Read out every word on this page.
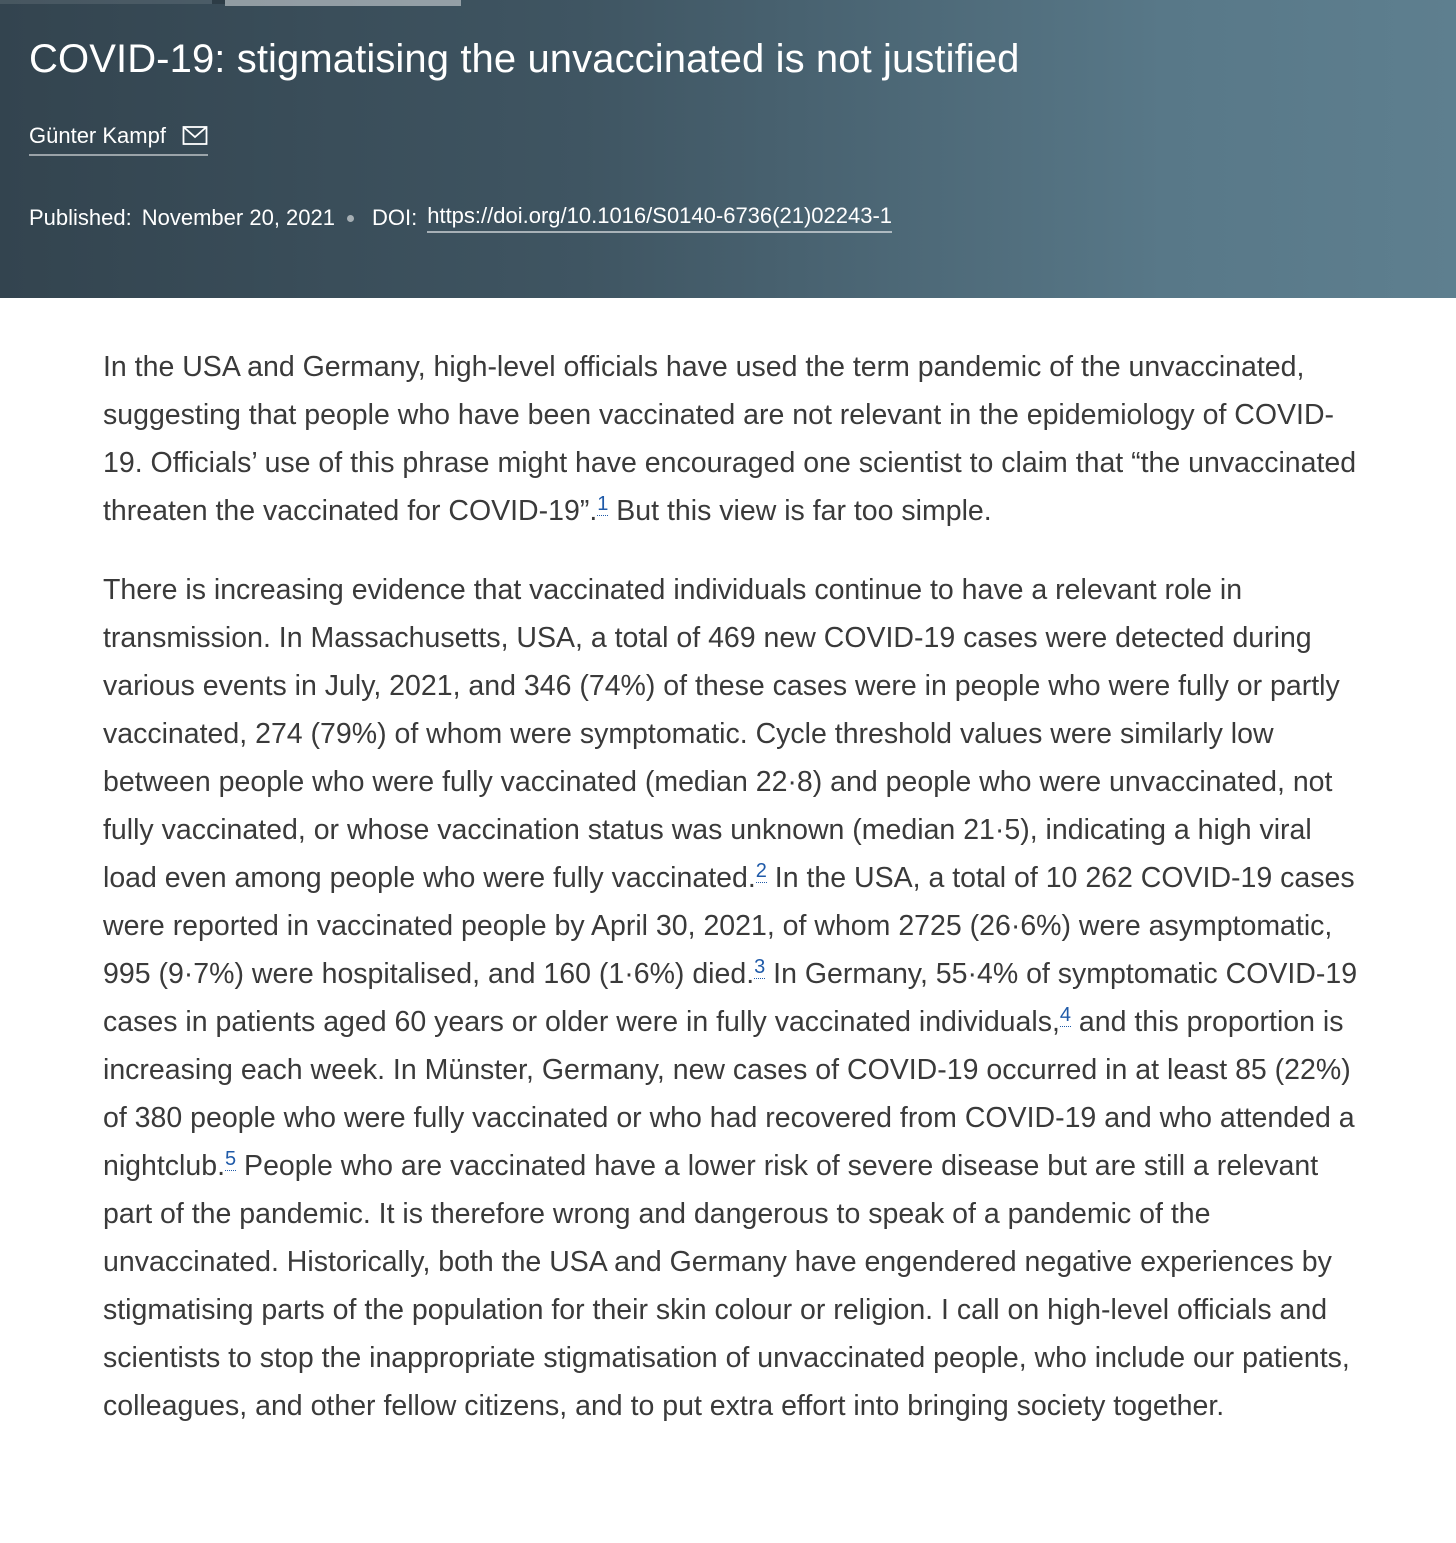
COVID-19: stigmatising the unvaccinated is not justified
Günter Kampf
Published: November 20, 2021 DOI: https://doi.org/10.1016/S0140-6736(21)02243-1

In the USA and Germany, high-level officials have used the term pandemic of the unvaccinated, suggesting that people who have been vaccinated are not relevant in the epidemiology of COVID-19. Officials’ use of this phrase might have encouraged one scientist to claim that “the unvaccinated threaten the vaccinated for COVID-19”.$^1$ But this view is far too simple.

There is increasing evidence that vaccinated individuals continue to have a relevant role in transmission. In Massachusetts, USA, a total of 469 new COVID-19 cases were detected during various events in July, 2021, and 346 (74%) of these cases were in people who were fully or partly vaccinated, 274 (79%) of whom were symptomatic. Cycle threshold values were similarly low between people who were fully vaccinated (median 22·8) and people who were unvaccinated, not fully vaccinated, or whose vaccination status was unknown (median 21·5), indicating a high viral load even among people who were fully vaccinated.$^2$ In the USA, a total of 10 262 COVID-19 cases were reported in vaccinated people by April 30, 2021, of whom 2725 (26·6%) were asymptomatic, 995 (9·7%) were hospitalised, and 160 (1·6%) died.$^3$ In Germany, 55·4% of symptomatic COVID-19 cases in patients aged 60 years or older were in fully vaccinated individuals,$^4$ and this proportion is increasing each week. In Münster, Germany, new cases of COVID-19 occurred in at least 85 (22%) of 380 people who were fully vaccinated or who had recovered from COVID-19 and who attended a nightclub.$^5$ People who are vaccinated have a lower risk of severe disease but are still a relevant part of the pandemic. It is therefore wrong and dangerous to speak of a pandemic of the unvaccinated. Historically, both the USA and Germany have engendered negative experiences by stigmatising parts of the population for their skin colour or religion. I call on high-level officials and scientists to stop the inappropriate stigmatisation of unvaccinated people, who include our patients, colleagues, and other fellow citizens, and to put extra effort into bringing society together.
